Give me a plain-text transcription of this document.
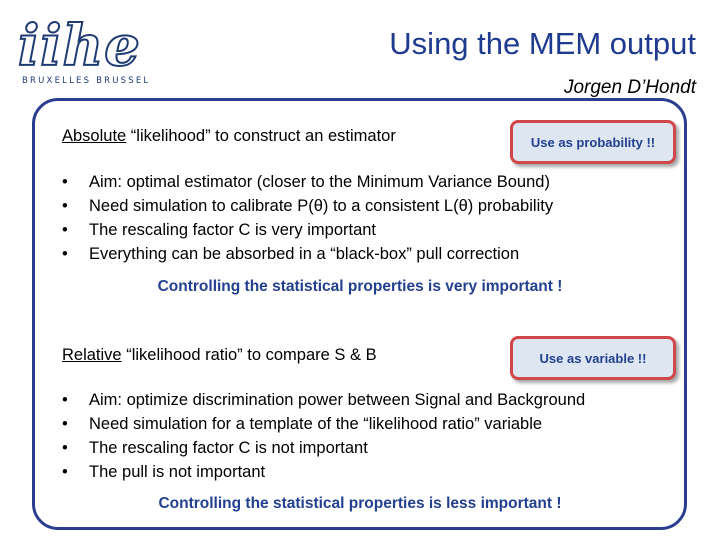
iihe
BRUXELLES BRUSSEL
Using the MEM output
Jorgen D’Hondt
Absolute “likelihood” to construct an estimator	Use as probability !!
• Aim: optimal estimator (closer to the Minimum Variance Bound)
• Need simulation to calibrate P(θ) to a consistent L(θ) probability
• The rescaling factor C is very important
• Everything can be absorbed in a “black-box” pull correction
Controlling the statistical properties is very important !
Relative “likelihood ratio” to compare S & B	Use as variable !!
• Aim: optimize discrimination power between Signal and Background
• Need simulation for a template of the “likelihood ratio” variable
• The rescaling factor C is not important
• The pull is not important
Controlling the statistical properties is less important !
